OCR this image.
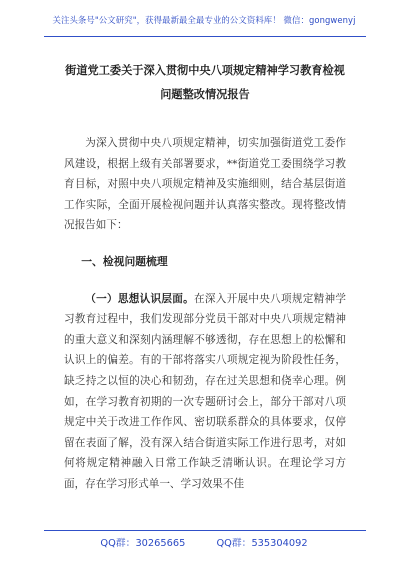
关注头条号"公文研究"，获得最新最全最专业的公文资料库！ 微信：gongwenyj
街道党工委关于深入贯彻中央八项规定精神学习教育检视
问题整改情况报告

为深入贯彻中央八项规定精神，切实加强街道党工委作风建设，根据上级有关部署要求，**街道党工委围绕学习教育目标，对照中央八项规定精神及实施细则，结合基层街道工作实际，全面开展检视问题并认真落实整改。现将整改情况报告如下：

一、检视问题梳理

（一）思想认识层面。在深入开展中央八项规定精神学习教育过程中，我们发现部分党员干部对中央八项规定精神的重大意义和深刻内涵理解不够透彻，存在思想上的松懈和认识上的偏差。有的干部将落实八项规定视为阶段性任务，缺乏持之以恒的决心和韧劲，存在过关思想和侥幸心理。例如，在学习教育初期的一次专题研讨会上，部分干部对八项规定中关于改进工作作风、密切联系群众的具体要求，仅停留在表面了解，没有深入结合街道实际工作进行思考，对如何将规定精神融入日常工作缺乏清晰认识。在理论学习方面，存在学习形式单一、学习效果不佳

QQ群：30265665	QQ群：535304092
